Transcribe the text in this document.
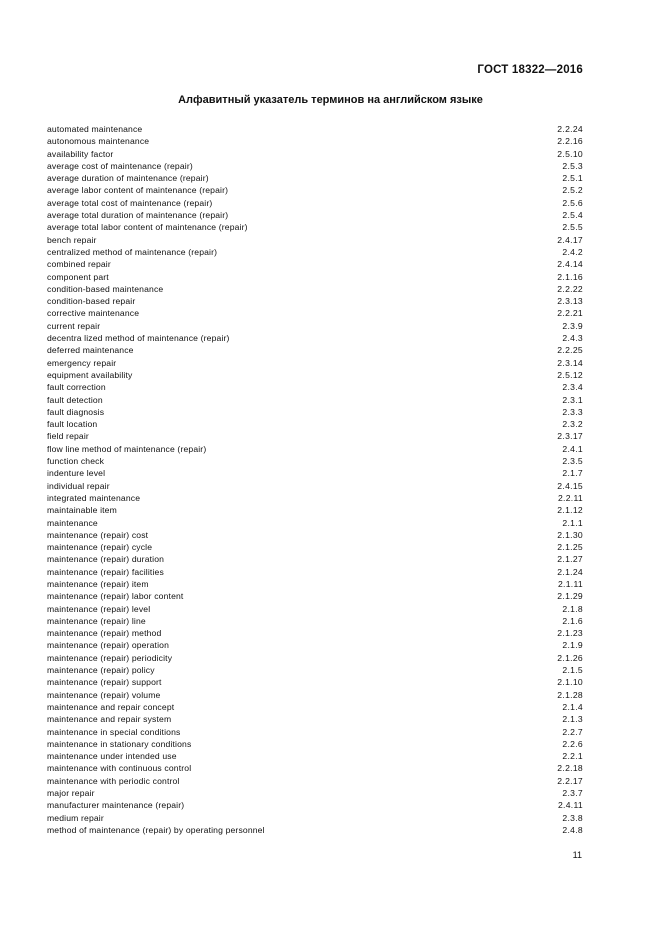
ГОСТ 18322—2016
Алфавитный указатель терминов на английском языке
automated maintenance	2.2.24
autonomous maintenance	2.2.16
availability factor	2.5.10
average cost of maintenance (repair)	2.5.3
average duration of maintenance (repair)	2.5.1
average labor content of maintenance (repair)	2.5.2
average total cost of maintenance (repair)	2.5.6
average total duration of maintenance (repair)	2.5.4
average total labor content of maintenance (repair)	2.5.5
bench repair	2.4.17
centralized method of maintenance (repair)	2.4.2
combined repair	2.4.14
component part	2.1.16
condition-based maintenance	2.2.22
condition-based repair	2.3.13
corrective maintenance	2.2.21
current repair	2.3.9
decentra lized method of maintenance (repair)	2.4.3
deferred maintenance	2.2.25
emergency repair	2.3.14
equipment availability	2.5.12
fault correction	2.3.4
fault detection	2.3.1
fault diagnosis	2.3.3
fault location	2.3.2
field repair	2.3.17
flow line method of maintenance (repair)	2.4.1
function check	2.3.5
indenture level	2.1.7
individual repair	2.4.15
integrated maintenance	2.2.11
maintainable item	2.1.12
maintenance	2.1.1
maintenance (repair) cost	2.1.30
maintenance (repair) cycle	2.1.25
maintenance (repair) duration	2.1.27
maintenance (repair) facilities	2.1.24
maintenance (repair) item	2.1.11
maintenance (repair) labor content	2.1.29
maintenance (repair) level	2.1.8
maintenance (repair) line	2.1.6
maintenance (repair) method	2.1.23
maintenance (repair) operation	2.1.9
maintenance (repair) periodicity	2.1.26
maintenance (repair) policy	2.1.5
maintenance (repair) support	2.1.10
maintenance (repair) volume	2.1.28
maintenance and repair concept	2.1.4
maintenance and repair system	2.1.3
maintenance in special conditions	2.2.7
maintenance in stationary conditions	2.2.6
maintenance under intended use	2.2.1
maintenance with continuous control	2.2.18
maintenance with periodic control	2.2.17
major repair	2.3.7
manufacturer maintenance (repair)	2.4.11
medium repair	2.3.8
method of maintenance (repair) by operating personnel	2.4.8
11
